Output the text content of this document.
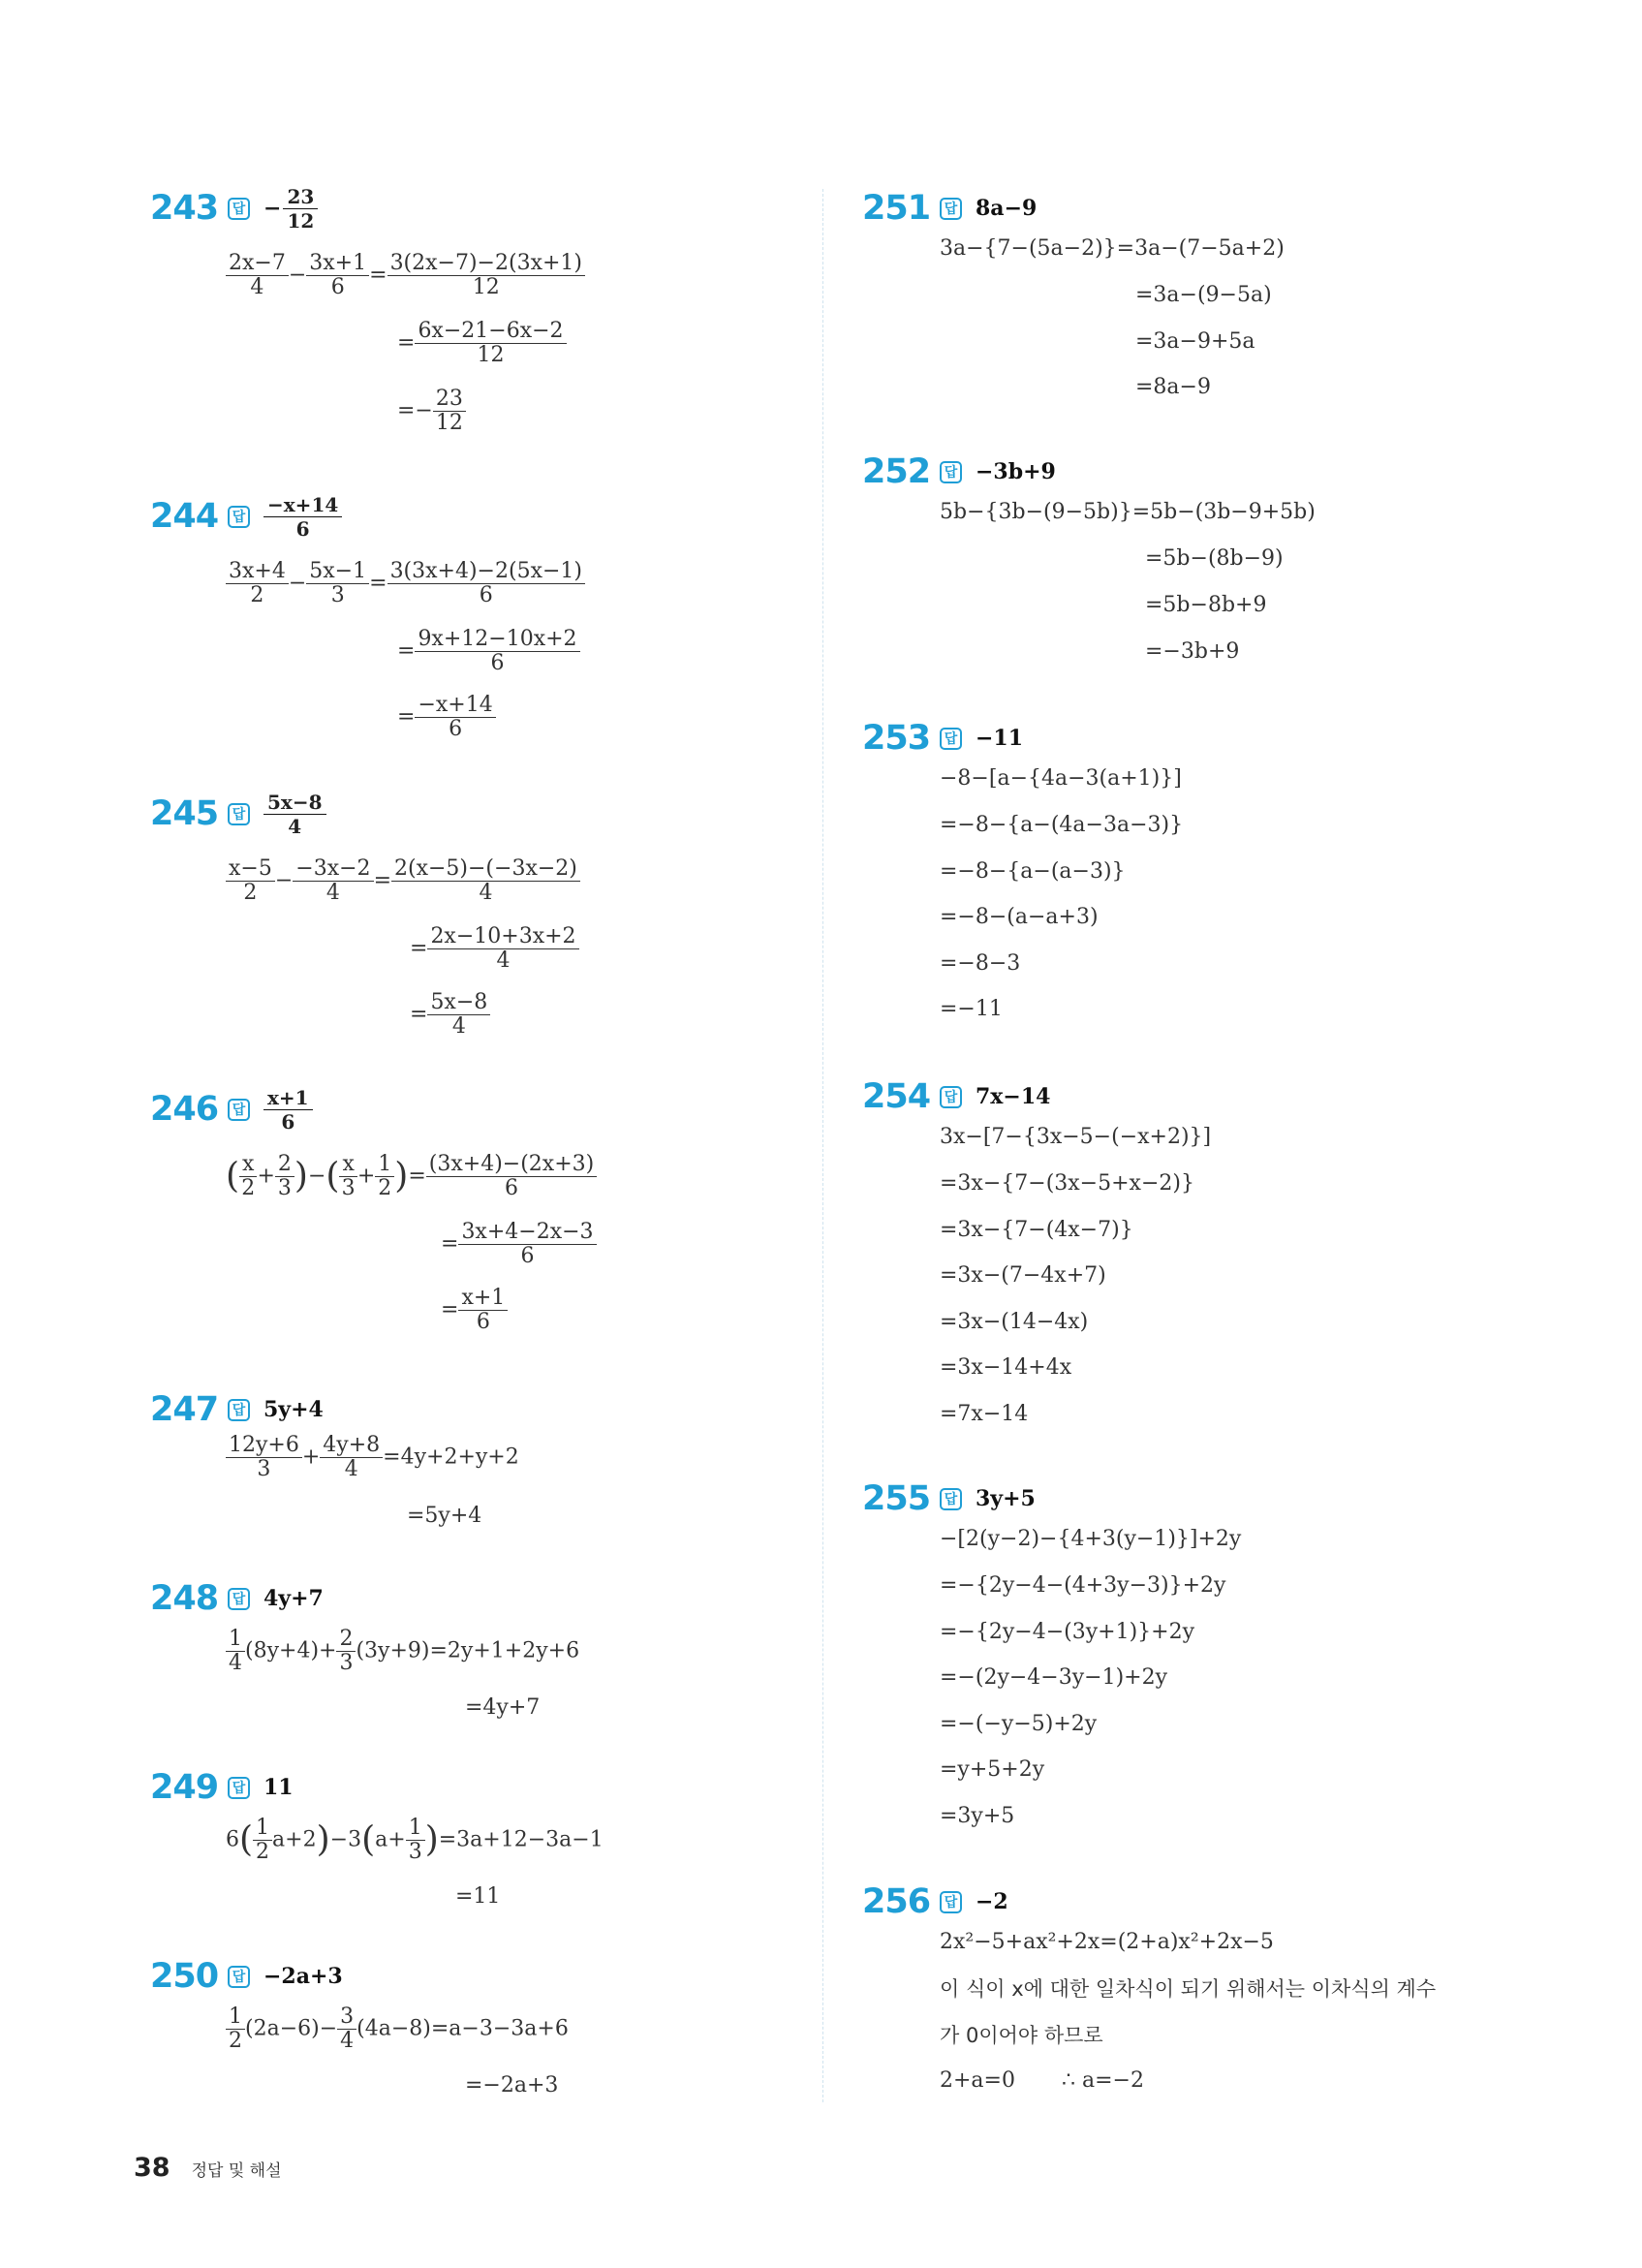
243	답 − $\frac{23}{12}$
$\frac{2x-7}{4} - \frac{3x+1}{6} = \frac{3(2x-7)-2(3x+1)}{12}$
= $\frac{6x-21-6x-2}{12}$
=− $\frac{23}{12}$
244	답 $\frac{-x+14}{6}$
$\frac{3x+4}{2} - \frac{5x-1}{3} = \frac{3(3x+4)-2(5x-1)}{6}$
= $\frac{9x+12-10x+2}{6}$
= $\frac{-x+14}{6}$
245	답 $\frac{5x-8}{4}$
$\frac{x-5}{2} - \frac{-3x-2}{4} = \frac{2(x-5)-(-3x-2)}{4}$
= $\frac{2x-10+3x+2}{4}$
= $\frac{5x-8}{4}$
246	답 $\frac{x+1}{6}$
( $\frac{x}{2} + \frac{2}{3}$ )−( $\frac{x}{3} + \frac{1}{2}$ )= $\frac{(3x+4)-(2x+3)}{6}$
= $\frac{3x+4-2x-3}{6}$
= $\frac{x+1}{6}$
247	답 5y+4
$\frac{12y+6}{3} + \frac{4y+8}{4} =4y+2+y+2$
=5y+4
248	답 4y+7
$\frac{1}{4} (8y+4)+ \frac{2}{3} (3y+9)=2y+1+2y+6$
=4y+7
249	답 11
$6( \frac{1}{2} a+2)-3(a+ \frac{1}{3} )=3a+12-3a-1$
=11
250	답 −2a+3
$\frac{1}{2} (2a-6)- \frac{3}{4} (4a-8)=a-3-3a+6$
=−2a+3
251	답 8a−9
3a−{7−(5a−2)}=3a−(7−5a+2)
=3a−(9−5a)
=3a−9+5a
=8a−9
252	답 −3b+9
5b−{3b−(9−5b)}=5b−(3b−9+5b)
=5b−(8b−9)
=5b−8b+9
=−3b+9
253	답 −11
−8−[a−{4a−3(a+1)}]
=−8−{a−(4a−3a−3)}
=−8−{a−(a−3)}
=−8−(a−a+3)
=−8−3
=−11
254	답 7x−14
3x−[7−{3x−5−(−x+2)}]
=3x−{7−(3x−5+x−2)}
=3x−{7−(4x−7)}
=3x−(7−4x+7)
=3x−(14−4x)
=3x−14+4x
=7x−14
255	답 3y+5
−[2(y−2)−{4+3(y−1)}]+2y
=−{2y−4−(4+3y−3)}+2y
=−{2y−4−(3y+1)}+2y
=−(2y−4−3y−1)+2y
=−(−y−5)+2y
=y+5+2y
=3y+5
256	답 −2
2x²−5+ax²+2x=(2+a)x²+2x−5
이 식이 x에 대한 일차식이 되기 위해서는 이차식의 계수
가 0이어야 하므로
2+a=0 ∴ a=−2
38 정답 및 해설
